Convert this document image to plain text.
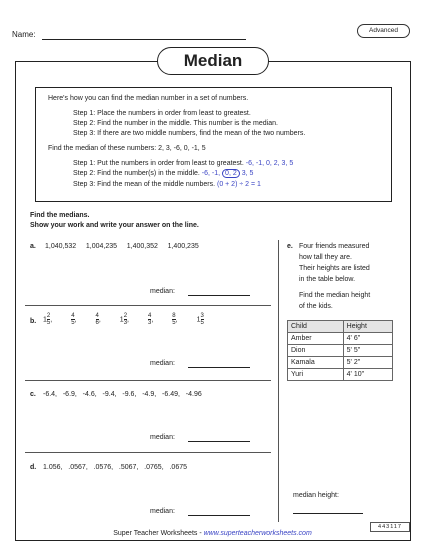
Name:	Advanced
Median
Here's how you can find the median number in a set of numbers.
Step 1: Place the numbers in order from least to greatest.
Step 2: Find the number in the middle. This number is the median.
Step 3: If there are two middle numbers, find the mean of the two numbers.
Find the median of these numbers: 2, 3, -6, 0, -1, 5
Step 1: Put the numbers in order from least to greatest. -6, -1, 0, 2, 3, 5
Step 2: Find the number(s) in the middle. -6, -1, 0, 2 3, 5
Step 3: Find the mean of the middle numbers. (0 + 2) ÷ 2 = 1
Find the medians.
Show your work and write your answer on the line.
a. 1,040,532     1,004,235     1,400,352     1,400,235
median:
b. $1 \frac{2}{5}$ ,	$\frac{4}{5}$ ,	$\frac{4}{6}$ ,	$1 \frac{2}{3}$ ,	$\frac{4}{3}$ ,	$\frac{8}{5}$ ,	$1 \frac{3}{5}$
median:
c. -6.4,   -6.9,   -4.6,   -9.4,   -9.6,   -4.9,   -6.49,   -4.96
median:
d. 1.056,   .0567,   .0576,   .5067,   .0765,   .0675
median:
e. Four friends measured
how tall they are.
Their heights are listed
in the table below.
Find the median height
of the kids.
Child	Height
Amber	4' 6"
Dion	5' 5"
Kamala	5' 2"
Yuri	4' 10"
median height:
443117
Super Teacher Worksheets - www.superteacherworksheets.com
